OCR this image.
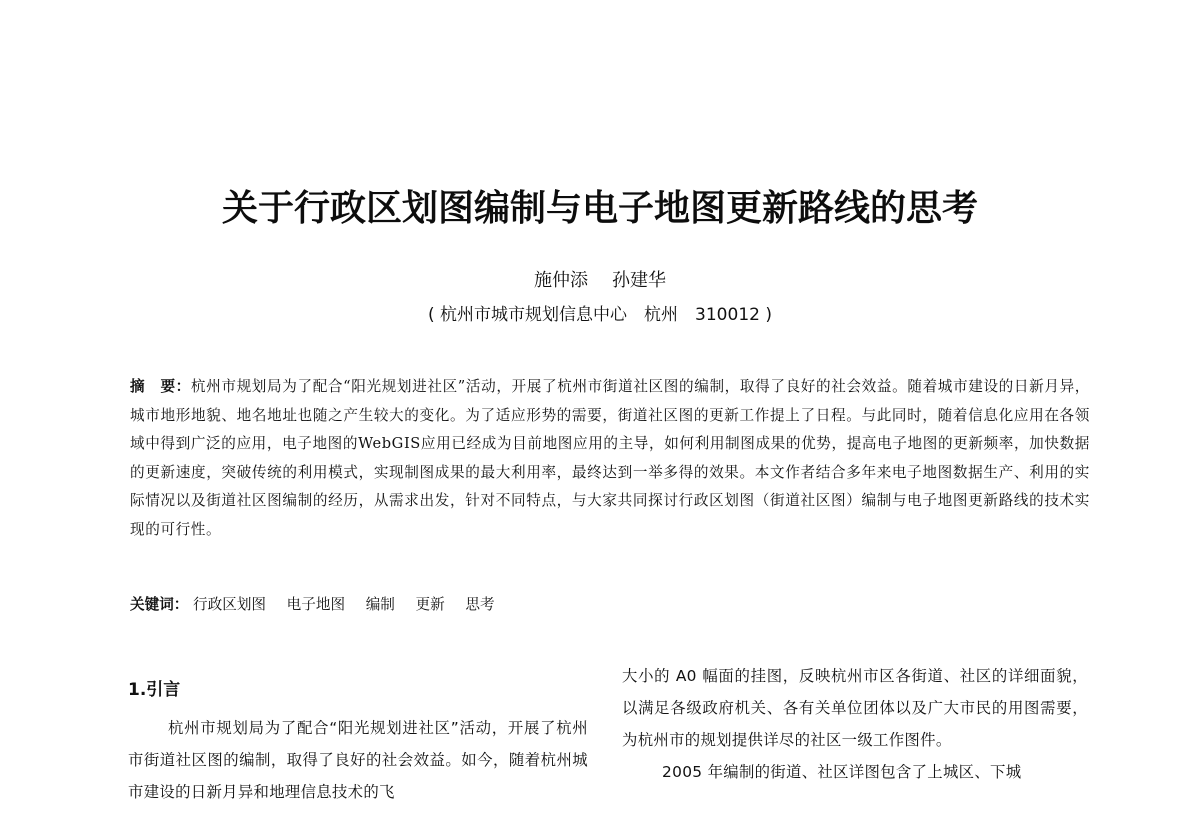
关于行政区划图编制与电子地图更新路线的思考
施仲添 孙建华
( 杭州市城市规划信息中心　杭州　310012 )
摘　要：杭州市规划局为了配合“阳光规划进社区”活动，开展了杭州市街道社区图的编制，取得了良好的社会效益。随着城市建设的日新月异，城市地形地貌、地名地址也随之产生较大的变化。为了适应形势的需要，街道社区图的更新工作提上了日程。与此同时，随着信息化应用在各领域中得到广泛的应用，电子地图的WebGIS应用已经成为目前地图应用的主导，如何利用制图成果的优势，提高电子地图的更新频率，加快数据的更新速度，突破传统的利用模式，实现制图成果的最大利用率，最终达到一举多得的效果。本文作者结合多年来电子地图数据生产、利用的实际情况以及街道社区图编制的经历，从需求出发，针对不同特点，与大家共同探讨行政区划图（街道社区图）编制与电子地图更新路线的技术实现的可行性。
关键词： 行政区划图 电子地图 编制 更新 思考
1.引言

杭州市规划局为了配合“阳光规划进社区”活动，开展了杭州市街道社区图的编制，取得了良好的社会效益。如今，随着杭州城市建设的日新月异和地理信息技术的飞

大小的 A0 幅面的挂图，反映杭州市区各街道、社区的详细面貌，以满足各级政府机关、各有关单位团体以及广大市民的用图需要，为杭州市的规划提供详尽的社区一级工作图件。

2005 年编制的街道、社区详图包含了上城区、下城
